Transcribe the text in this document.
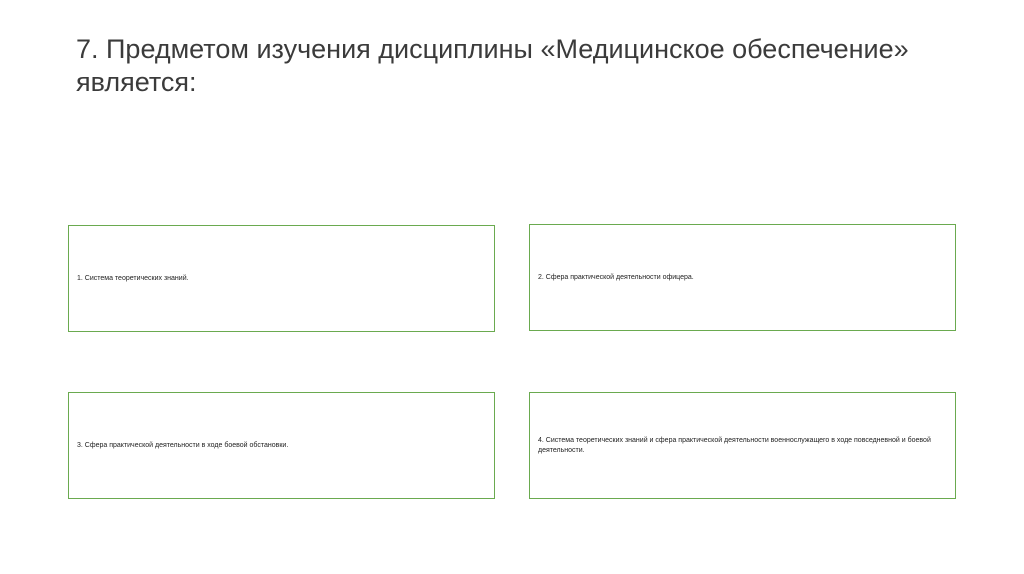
7. Предметом изучения дисциплины «Медицинское обеспечение» является:
1. Система теоретических знаний.	2. Сфера практической деятельности офицера.
3. Сфера практической деятельности в ходе боевой обстановки.
4. Система теоретических знаний и сфера практической деятельности военнослужащего в ходе повседневной и боевой деятельности.
